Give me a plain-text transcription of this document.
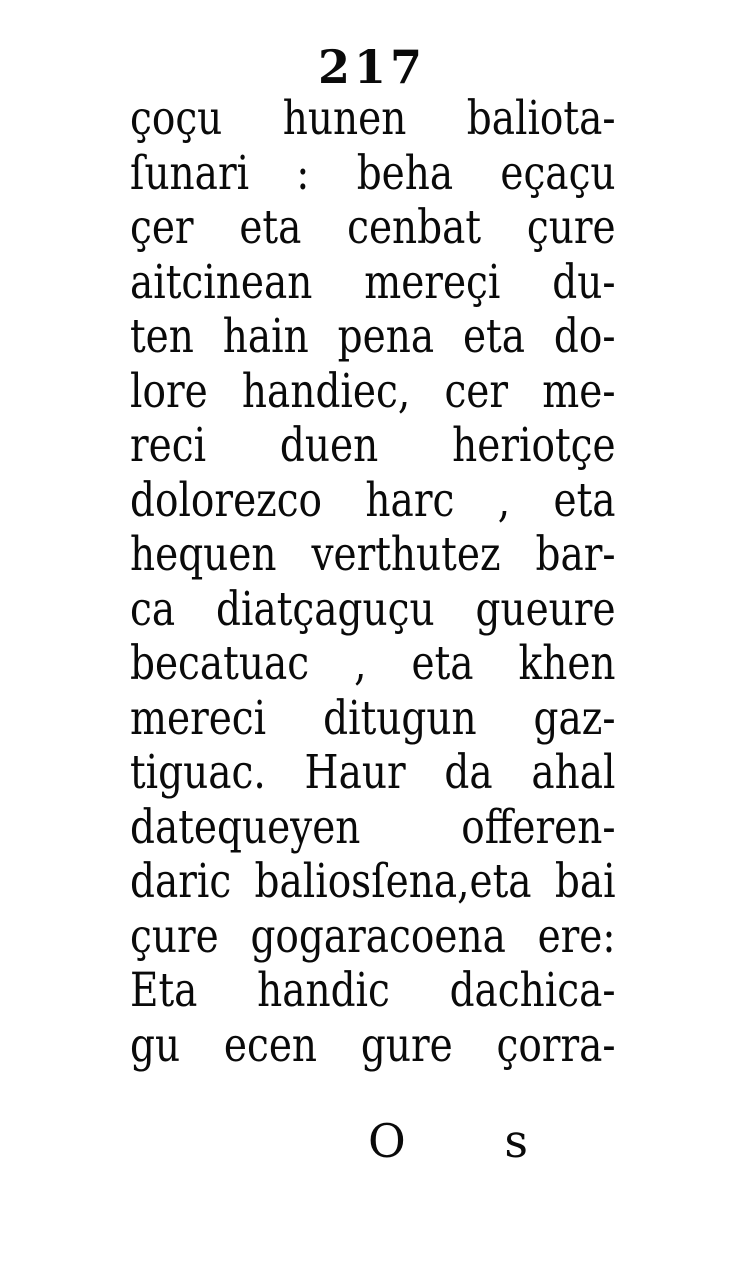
217
çoçu hunen baliota-
ſunari : beha eçaçu
çer eta cenbat çure
aitcinean mereçi du-
ten hain pena eta do-
lore handiec, cer me-
reci duen heriotçe
dolorezco harc , eta
hequen verthutez bar-
ca diatçaguçu gueure
becatuac , eta khen
mereci ditugun gaz-
tiguac. Haur da ahal
datequeyen offeren-
daric baliosſena,eta bai
çure gogaracoena ere:
Eta handic dachica-
gu ecen gure çorra-
O s
